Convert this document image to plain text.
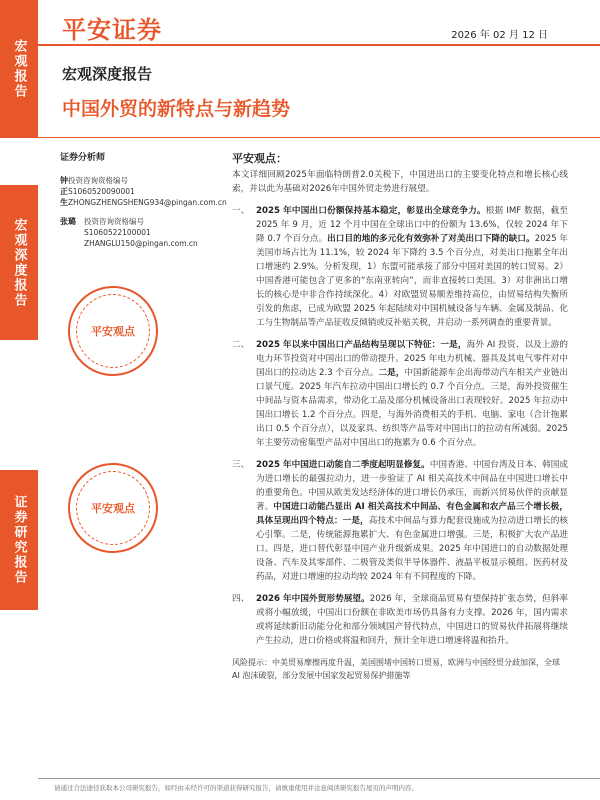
宏观报告
宏观深度报告
证券研究报告
平安证券	2026 年 02 月 12 日
宏观深度报告
中国外贸的新特点与新趋势
证券分析师
钟正生
投资咨询资格编号
S1060520090001
ZHONGZHENGSHENG934@pingan.com.cn
张璐	投资咨询资格编号
S1060522100001
ZHANGLU150@pingan.com.cn
平安观点
平安观点
平安观点：

本文详细回顾2025年面临特朗普2.0关税下，中国进出口的主要变化特点和增长核心线索，并以此为基础对2026年中国外贸走势进行展望。

一、 2025 年中国出口份额保持基本稳定，彰显出全球竞争力。根据 IMF 数据，截至 2025 年 9 月，近 12 个月中国在全球出口中的份额为 13.6%，仅较 2024 年下降 0.7 个百分点。出口目的地的多元化有效弥补了对美出口下降的缺口。2025 年美国市场占比为 11.1%，较 2024 年下降约 3.5 个百分点，对美出口拖累全年出口增速约 2.9%。分析发现，1）东盟可能承接了部分中国对美国的转口贸易。2）中国香港可能包含了更多的“东南亚转向”，而非直接转口美国。3）对非洲出口增长的核心是中非合作持续深化。4）对欧盟贸易顺差维持高位，由贸易结构失衡所引发的焦虑，已成为欧盟 2025 年起陆续对中国机械设备与车辆、金属及制品、化工与生物制品等产品征收反倾销或反补贴关税，并启动一系列调查的重要背景。
二、 2025 年以来中国出口产品结构呈现以下特征：一是，海外 AI 投资、以及上游的电力环节投资对中国出口的带动提升。2025 年电力机械、器具及其电气零件对中国出口的拉动达 2.3 个百分点。二是，中国新能源车企出海带动汽车相关产业链出口景气度。2025 年汽车拉动中国出口增长约 0.7 个百分点。三是，海外投资催生中间品与资本品需求，带动化工品及部分机械设备出口表现较好。2025 年拉动中国出口增长 1.2 个百分点。四是，与海外消费相关的手机、电脑、家电（合计拖累出口 0.5 个百分点），以及家具、纺织等产品等对中国出口的拉动有所减弱。2025 年主要劳动密集型产品对中国出口的拖累为 0.6 个百分点。
三、 2025 年中国进口动能自二季度起明显修复。中国香港、中国台湾及日本、韩国成为进口增长的最强拉动力，进一步验证了 AI 相关高技术中间品在中国进口增长中的重要角色。中国从欧美发达经济体的进口增长仍承压，而新兴贸易伙伴的贡献显著。中国进口动能凸显出 AI 相关高技术中间品、有色金属和农产品三个增长极，具体呈现出四个特点：一是，高技术中间品与算力配套设施成为拉动进口增长的核心引擎。二是，传统能源拖累扩大、有色金属进口增强。三是，积极扩大农产品进口。四是，进口替代彰显中国产业升级新成果。2025 年中国进口的自动数据处理设备、汽车及其零部件、二极管及类似半导体器件、液晶平板显示模组、医药材及药品，对进口增速的拉动均较 2024 年有不同程度的下降。
四、 2026 年中国外贸形势展望。2026 年，全球商品贸易有望保持扩张态势，但斜率或将小幅放缓，中国出口份额在非欧美市场仍具备有力支撑。2026 年，国内需求或将延续新旧动能分化和部分领域国产替代特点，中国进口的贸易伙伴拓展将继续产生拉动，进口价格或将温和回升，预计全年进口增速将温和抬升。
风险提示：中美贸易摩擦再度升温，美国围堵中国转口贸易，欧洲与中国经贸分歧加深，全球 AI 泡沫破裂，部分发展中国家发起贸易保护措施等
请通过合法途径获取本公司研究报告，如经由未经许可的渠道获得研究报告，请慎重使用并注意阅读研究报告尾页的声明内容。
